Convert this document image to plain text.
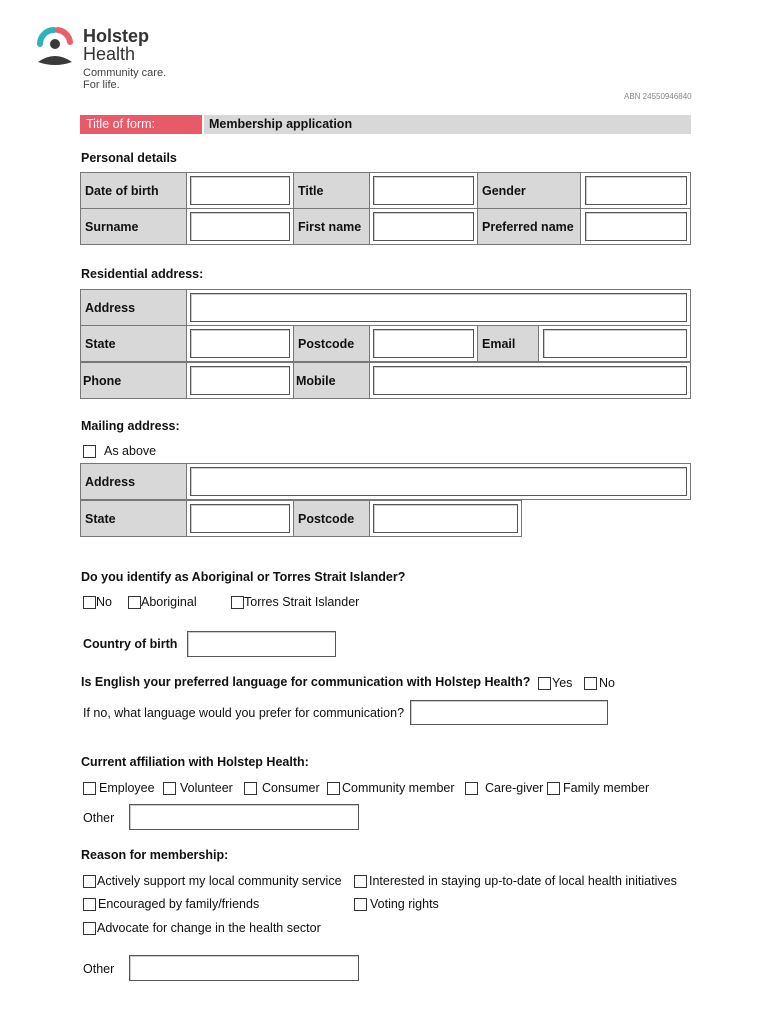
Holstep
Health
Community care.
For life.
ABN 24550946840
Title of form:	Membership application
Personal details
Date of birth	Title	Gender
Surname	First name	Preferred name
Residential address:
Address
State	Postcode	Email
Phone	Mobile
Mailing address:
As above
Address
State	Postcode
Do you identify as Aboriginal or Torres Strait Islander?
No Aboriginal	Torres Strait Islander
Country of birth
Is English your preferred language for communication with Holstep Health? Yes No
If no, what language would you prefer for communication?
Current affiliation with Holstep Health:
Employee Volunteer Consumer Community member Care-giver Family member
Other
Reason for membership:
Actively support my local community service Interested in staying up-to-date of local health initiatives
Encouraged by family/friends	Voting rights
Advocate for change in the health sector
Other
